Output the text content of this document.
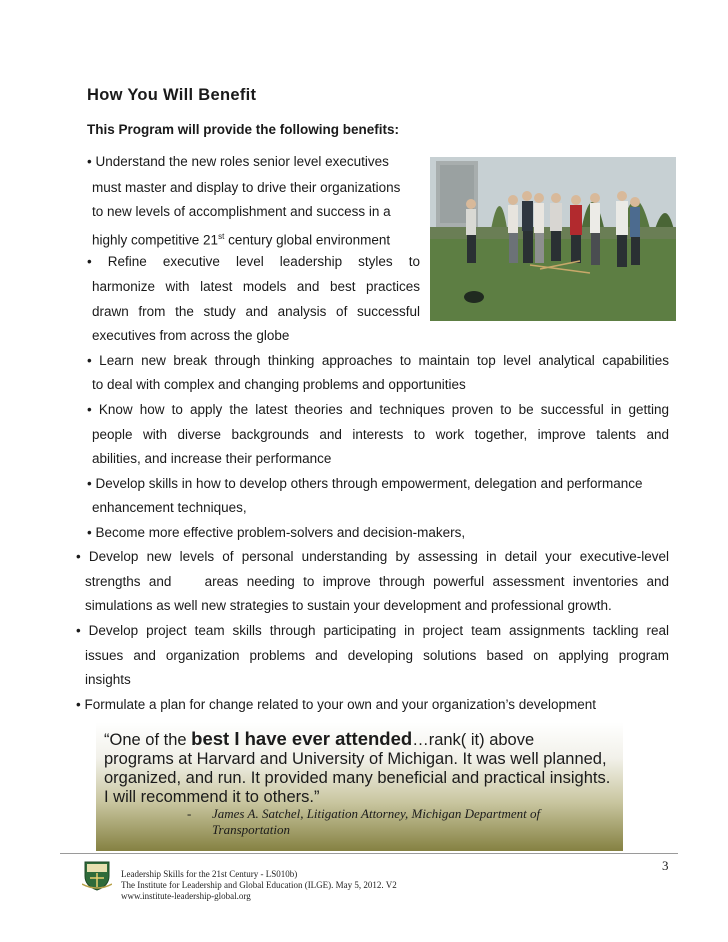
How You Will Benefit
This Program will provide the following benefits:
• Understand the new roles senior level executives
must master and display to drive their organizations
to new levels of accomplishment and success in a
highly competitive 21st century global environment
• Refine executive level leadership styles to
harmonize with latest models and best practices
drawn from the study and analysis of successful
executives from across the globe
• Learn new break through thinking approaches to maintain top level analytical capabilities
to deal with complex and changing problems and opportunities
• Know how to apply the latest theories and techniques proven to be successful in getting
people with diverse backgrounds and interests to work together, improve talents and
abilities, and increase their performance
• Develop skills in how to develop others through empowerment, delegation and performance
enhancement techniques,
• Become more effective problem-solvers and decision-makers,
• Develop new levels of personal understanding by assessing in detail your executive-level
strengths and    areas needing to improve through powerful assessment inventories and
simulations as well new strategies to sustain your development and professional growth.
• Develop project team skills through participating in project team assignments tackling real
issues and organization problems and developing solutions based on applying program
insights
• Formulate a plan for change related to your own and your organization’s development
“One of the best I have ever attended…rank( it) above
programs at Harvard and University of Michigan. It was well planned,
organized, and run. It provided many beneficial and practical insights.
I will recommend it to others.”
- James A. Satchel, Litigation Attorney, Michigan Department of
Transportation
3
Leadership Skills for the 21st Century - LS010b)
The Institute for Leadership and Global Education (ILGE). May 5, 2012. V2
www.institute-leadership-global.org
